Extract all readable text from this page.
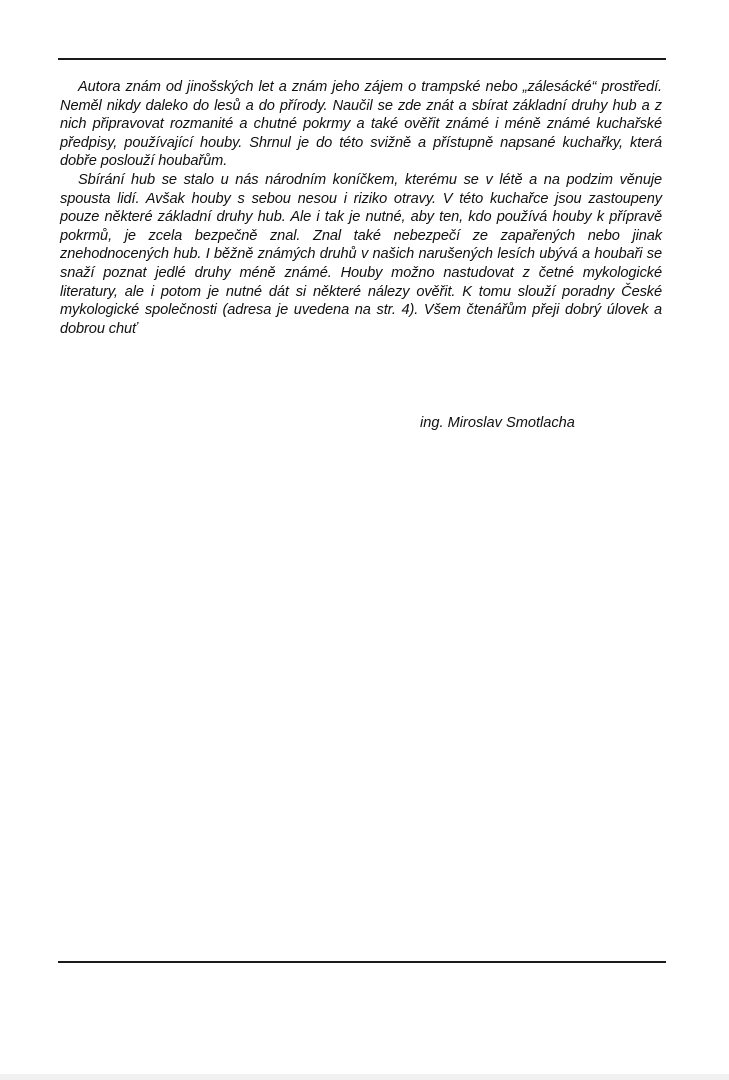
Autora znám od jinošských let a znám jeho zájem o trampské nebo „zálesácké“ prostředí. Neměl nikdy daleko do lesů a do přírody. Naučil se zde znát a sbírat základní druhy hub a z nich připravovat rozmanité a chutné pokrmy a také ověřit známé i méně známé kuchařské předpisy, používající houby. Shrnul je do této svižně a přístupně napsané kuchařky, která dobře poslouží houbařům.

Sbírání hub se stalo u nás národním koníčkem, kterému se v létě a na podzim věnuje spousta lidí. Avšak houby s sebou nesou i riziko otravy. V této kuchařce jsou zastoupeny pouze některé základní druhy hub. Ale i tak je nutné, aby ten, kdo používá houby k přípravě pokrmů, je zcela bezpečně znal. Znal také nebezpečí ze zapařených nebo jinak znehodnocených hub. I běžně známých druhů v našich narušených lesích ubývá a houbaři se snaží poznat jedlé druhy méně známé. Houby možno nastudovat z četné mykologické literatury, ale i potom je nutné dát si některé nálezy ověřit. K tomu slouží poradny České mykologické společnosti (adresa je uvedena na str. 4). Všem čtenářům přeji dobrý úlovek a dobrou chuť

ing. Miroslav Smotlacha
